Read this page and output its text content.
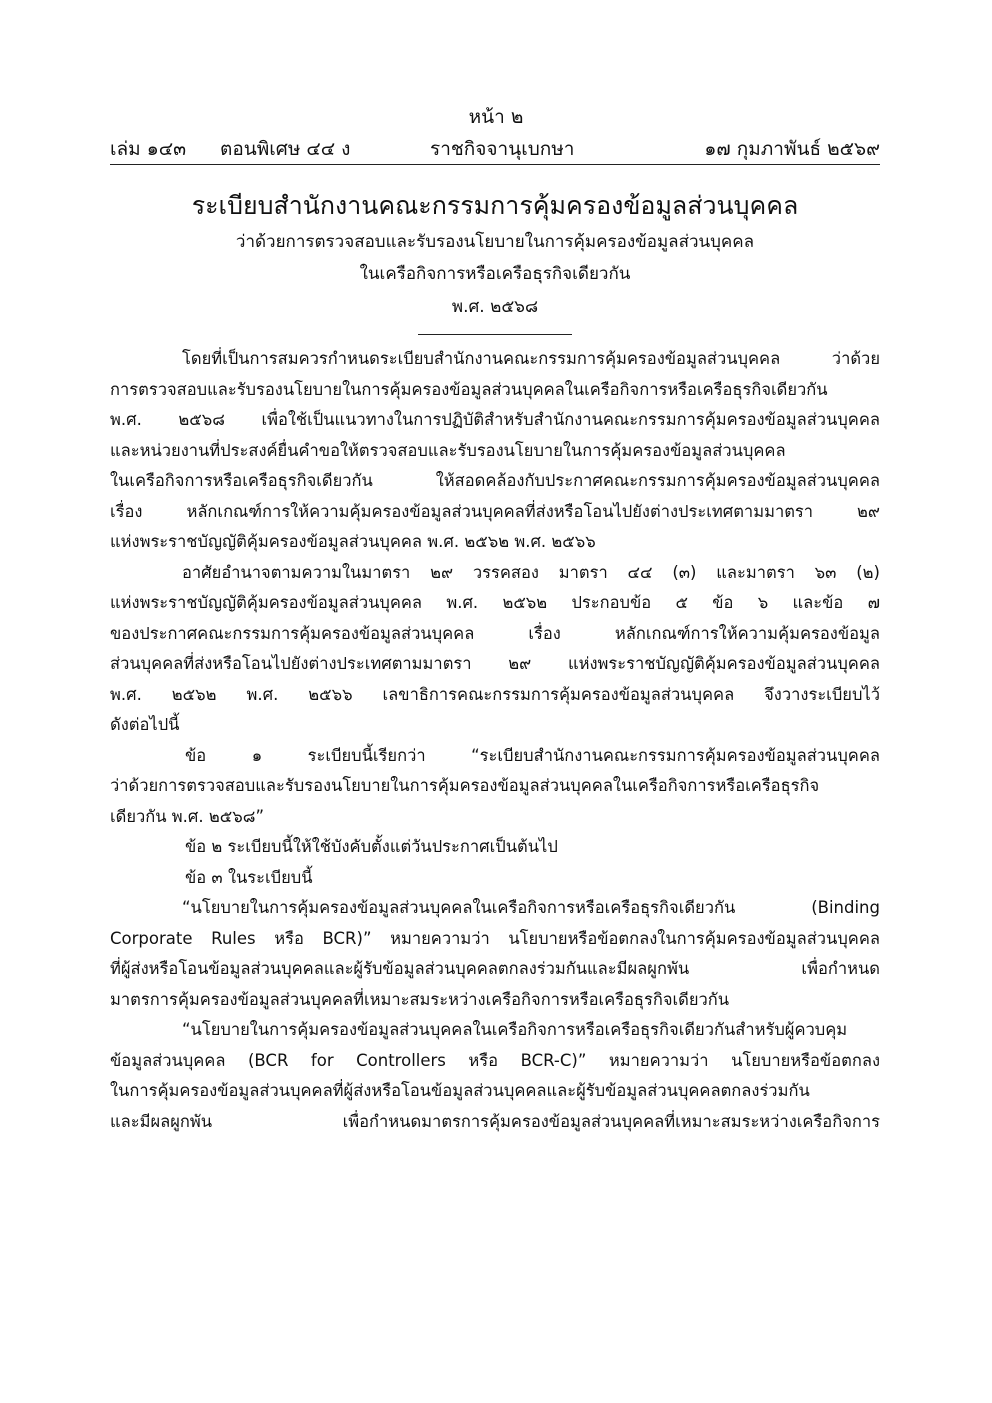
หน้า ๒
เล่ม ๑๔๓ ตอนพิเศษ ๔๔ ง	ราชกิจจานุเบกษา	๑๗ กุมภาพันธ์ ๒๕๖๙
ระเบียบสำนักงานคณะกรรมการคุ้มครองข้อมูลส่วนบุคคล
ว่าด้วยการตรวจสอบและรับรองนโยบายในการคุ้มครองข้อมูลส่วนบุคคล
ในเครือกิจการหรือเครือธุรกิจเดียวกัน
พ.ศ. ๒๕๖๘
โดยที่เป็นการสมควรกำหนดระเบียบสำนักงานคณะกรรมการคุ้มครองข้อมูลส่วนบุคคล ว่าด้วย
การตรวจสอบและรับรองนโยบายในการคุ้มครองข้อมูลส่วนบุคคลในเครือกิจการหรือเครือธุรกิจเดียวกัน
พ.ศ. ๒๕๖๘ เพื่อใช้เป็นแนวทางในการปฏิบัติสำหรับสำนักงานคณะกรรมการคุ้มครองข้อมูลส่วนบุคคล
และหน่วยงานที่ประสงค์ยื่นคำขอให้ตรวจสอบและรับรองนโยบายในการคุ้มครองข้อมูลส่วนบุคคล
ในเครือกิจการหรือเครือธุรกิจเดียวกัน ให้สอดคล้องกับประกาศคณะกรรมการคุ้มครองข้อมูลส่วนบุคคล
เรื่อง หลักเกณฑ์การให้ความคุ้มครองข้อมูลส่วนบุคคลที่ส่งหรือโอนไปยังต่างประเทศตามมาตรา ๒๙
แห่งพระราชบัญญัติคุ้มครองข้อมูลส่วนบุคคล พ.ศ. ๒๕๖๒ พ.ศ. ๒๕๖๖
อาศัยอำนาจตามความในมาตรา ๒๙ วรรคสอง มาตรา ๔๔ (๓) และมาตรา ๖๓ (๒)
แห่งพระราชบัญญัติคุ้มครองข้อมูลส่วนบุคคล พ.ศ. ๒๕๖๒ ประกอบข้อ ๕ ข้อ ๖ และข้อ ๗
ของประกาศคณะกรรมการคุ้มครองข้อมูลส่วนบุคคล เรื่อง หลักเกณฑ์การให้ความคุ้มครองข้อมูล
ส่วนบุคคลที่ส่งหรือโอนไปยังต่างประเทศตามมาตรา ๒๙ แห่งพระราชบัญญัติคุ้มครองข้อมูลส่วนบุคคล
พ.ศ. ๒๕๖๒ พ.ศ. ๒๕๖๖ เลขาธิการคณะกรรมการคุ้มครองข้อมูลส่วนบุคคล จึงวางระเบียบไว้
ดังต่อไปนี้
ข้อ ๑ ระเบียบนี้เรียกว่า “ระเบียบสำนักงานคณะกรรมการคุ้มครองข้อมูลส่วนบุคคล
ว่าด้วยการตรวจสอบและรับรองนโยบายในการคุ้มครองข้อมูลส่วนบุคคลในเครือกิจการหรือเครือธุรกิจ
เดียวกัน พ.ศ. ๒๕๖๘”
ข้อ ๒ ระเบียบนี้ให้ใช้บังคับตั้งแต่วันประกาศเป็นต้นไป
ข้อ ๓ ในระเบียบนี้
“นโยบายในการคุ้มครองข้อมูลส่วนบุคคลในเครือกิจการหรือเครือธุรกิจเดียวกัน (Binding
Corporate Rules หรือ BCR)” หมายความว่า นโยบายหรือข้อตกลงในการคุ้มครองข้อมูลส่วนบุคคล
ที่ผู้ส่งหรือโอนข้อมูลส่วนบุคคลและผู้รับข้อมูลส่วนบุคคลตกลงร่วมกันและมีผลผูกพัน เพื่อกำหนด
มาตรการคุ้มครองข้อมูลส่วนบุคคลที่เหมาะสมระหว่างเครือกิจการหรือเครือธุรกิจเดียวกัน
“นโยบายในการคุ้มครองข้อมูลส่วนบุคคลในเครือกิจการหรือเครือธุรกิจเดียวกันสำหรับผู้ควบคุม
ข้อมูลส่วนบุคคล (BCR for Controllers หรือ BCR-C)” หมายความว่า นโยบายหรือข้อตกลง
ในการคุ้มครองข้อมูลส่วนบุคคลที่ผู้ส่งหรือโอนข้อมูลส่วนบุคคลและผู้รับข้อมูลส่วนบุคคลตกลงร่วมกัน
และมีผลผูกพัน เพื่อกำหนดมาตรการคุ้มครองข้อมูลส่วนบุคคลที่เหมาะสมระหว่างเครือกิจการ
